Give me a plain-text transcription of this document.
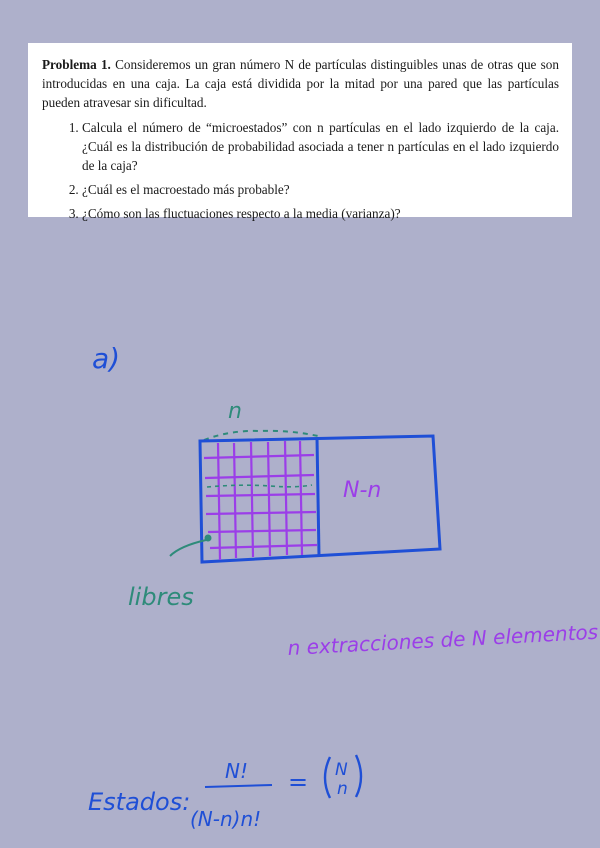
Problema 1. Consideremos un gran número N de partículas distinguibles unas de otras que son introducidas en una caja. La caja está dividida por la mitad por una pared que las partículas pueden atravesar sin dificultad.

1. Calcula el número de “microestados” con n partículas en el lado izquierdo de la caja. ¿Cuál es la distribución de probabilidad asociada a tener n partículas en el lado izquierdo de la caja?
2. ¿Cuál es el macroestado más probable?
3. ¿Cómo son las fluctuaciones respecto a la media (varianza)?
a)
n
N-n
libres
n extracciones de N elementos
Estados:
N!
(N-n)n!
= N
n
